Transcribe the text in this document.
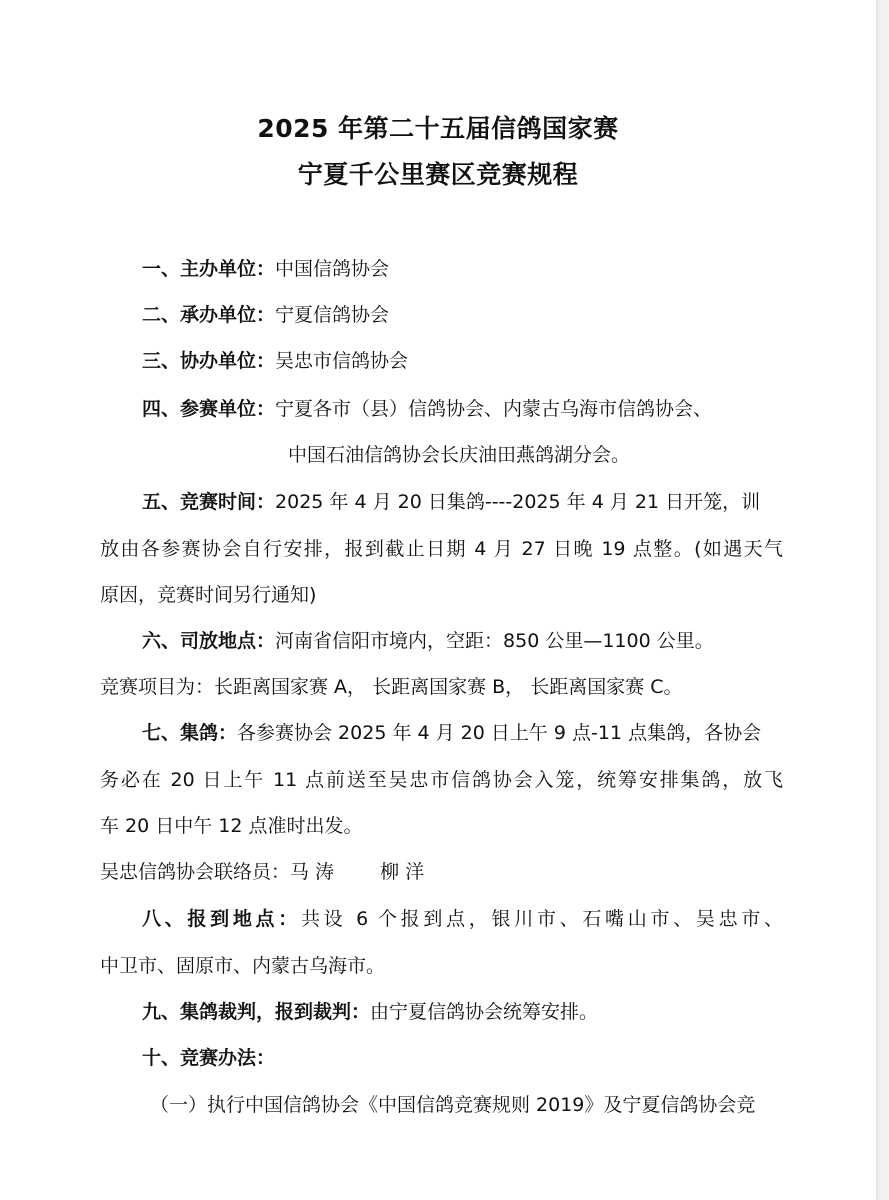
2025 年第二十五届信鸽国家赛
宁夏千公里赛区竞赛规程

一、主办单位：中国信鸽协会

二、承办单位：宁夏信鸽协会

三、协办单位：吴忠市信鸽协会

四、参赛单位：宁夏各市（县）信鸽协会、内蒙古乌海市信鸽协会、

中国石油信鸽协会长庆油田燕鸽湖分会。

五、竞赛时间：2025 年 4 月 20 日集鸽----2025 年 4 月 21 日开笼，训

放由各参赛协会自行安排，报到截止日期 4 月 27 日晚 19 点整。(如遇天气

原因，竞赛时间另行通知)

六、司放地点：河南省信阳市境内，空距：850 公里—1100 公里。

竞赛项目为：长距离国家赛 A， 长距离国家赛 B， 长距离国家赛 C。

七、集鸽：各参赛协会 2025 年 4 月 20 日上午 9 点-11 点集鸽，各协会

务必在 20 日上午 11 点前送至吴忠市信鸽协会入笼，统筹安排集鸽，放飞

车 20 日中午 12 点准时出发。

吴忠信鸽协会联络员：马 涛 柳 洋

八、报到地点：共设 6 个报到点，银川市、石嘴山市、吴忠市、

中卫市、固原市、内蒙古乌海市。

九、集鸽裁判，报到裁判：由宁夏信鸽协会统筹安排。

十、竞赛办法：

（一）执行中国信鸽协会《中国信鸽竞赛规则 2019》及宁夏信鸽协会竞
